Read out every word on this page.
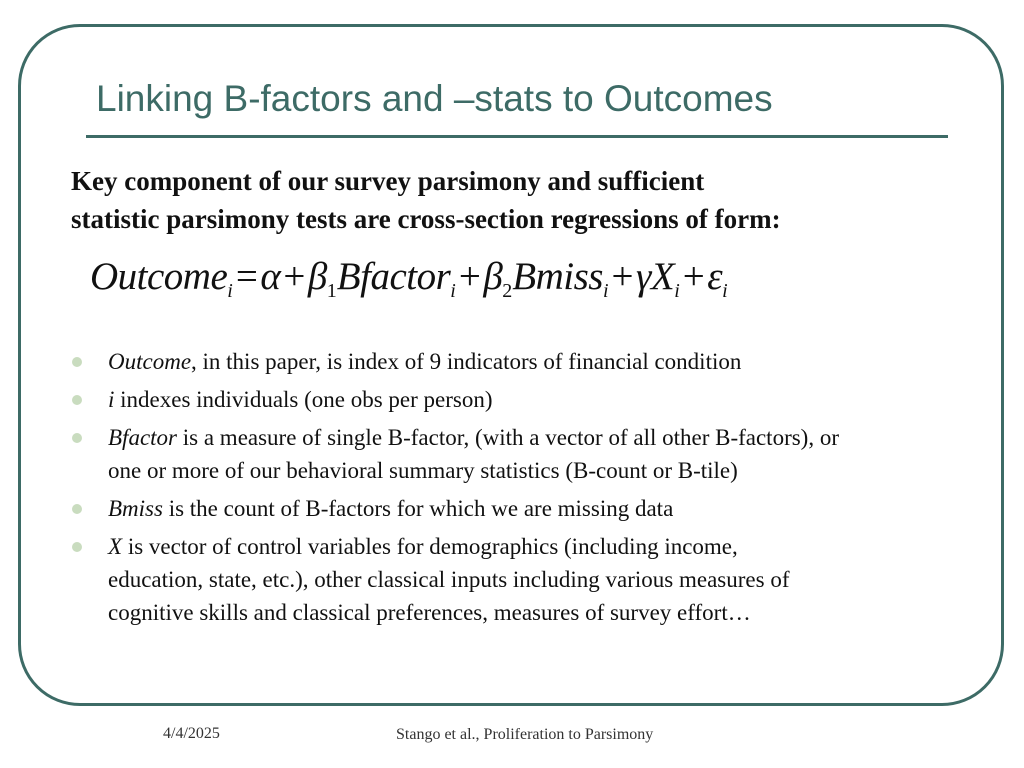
Linking B-factors and –stats to Outcomes
Key component of our survey parsimony and sufficient
statistic parsimony tests are cross-section regressions of form:
$Outcome_i=\alpha+\beta_1Bfactor_i+\beta_2Bmiss_i+\gamma X_i+\varepsilon_i$
Outcome, in this paper, is index of 9 indicators of financial condition
i indexes individuals (one obs per person)
Bfactor is a measure of single B-factor, (with a vector of all other B-factors), or
one or more of our behavioral summary statistics (B-count or B-tile)
Bmiss is the count of B-factors for which we are missing data
X is vector of control variables for demographics (including income,
education, state, etc.), other classical inputs including various measures of
cognitive skills and classical preferences, measures of survey effort…
4/4/2025	Stango et al., Proliferation to Parsimony
